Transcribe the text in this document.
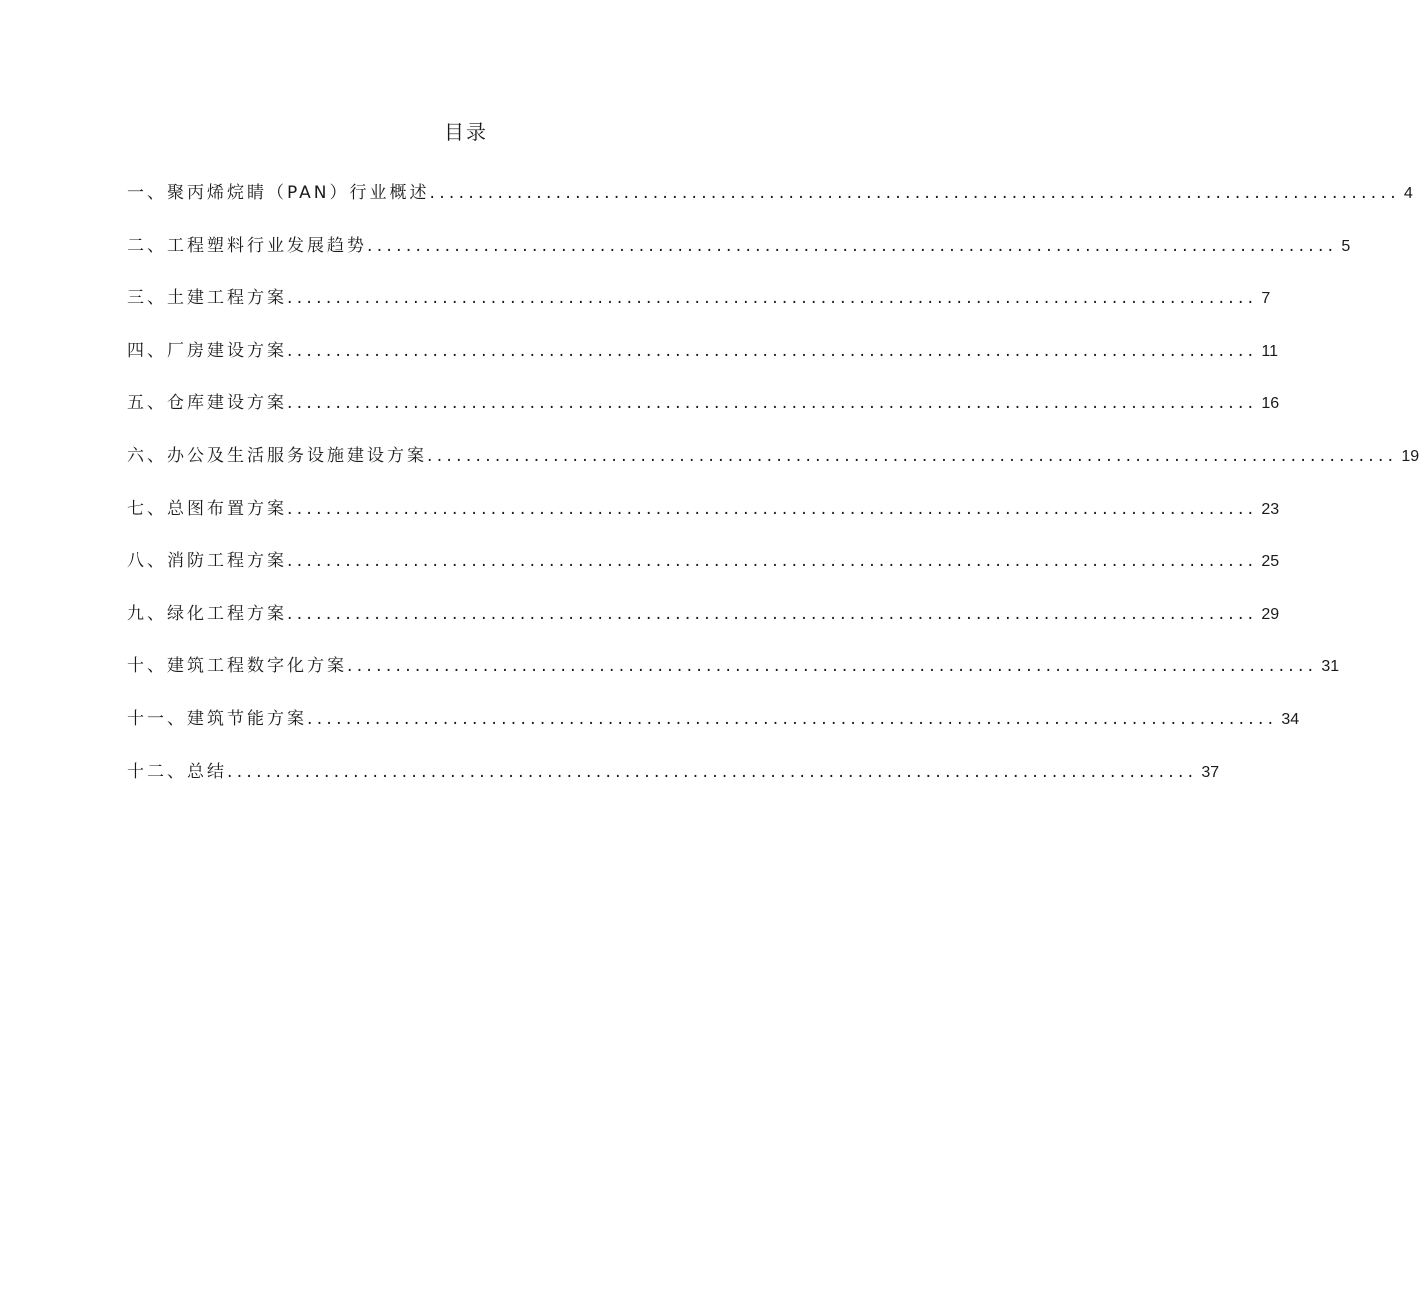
目录
一、聚丙烯烷睛（PAN）行业概述 .................................................................................................... 4
二、工程塑料行业发展趋势 .................................................................................................... 5
三、土建工程方案 .................................................................................................... 7
四、厂房建设方案 .................................................................................................... 11
五、仓库建设方案 .................................................................................................... 16
六、办公及生活服务设施建设方案 .................................................................................................... 19
七、总图布置方案 .................................................................................................... 23
八、消防工程方案 .................................................................................................... 25
九、绿化工程方案 .................................................................................................... 29
十、建筑工程数字化方案 .................................................................................................... 31
十一、建筑节能方案 .................................................................................................... 34
十二、总结 .................................................................................................... 37
